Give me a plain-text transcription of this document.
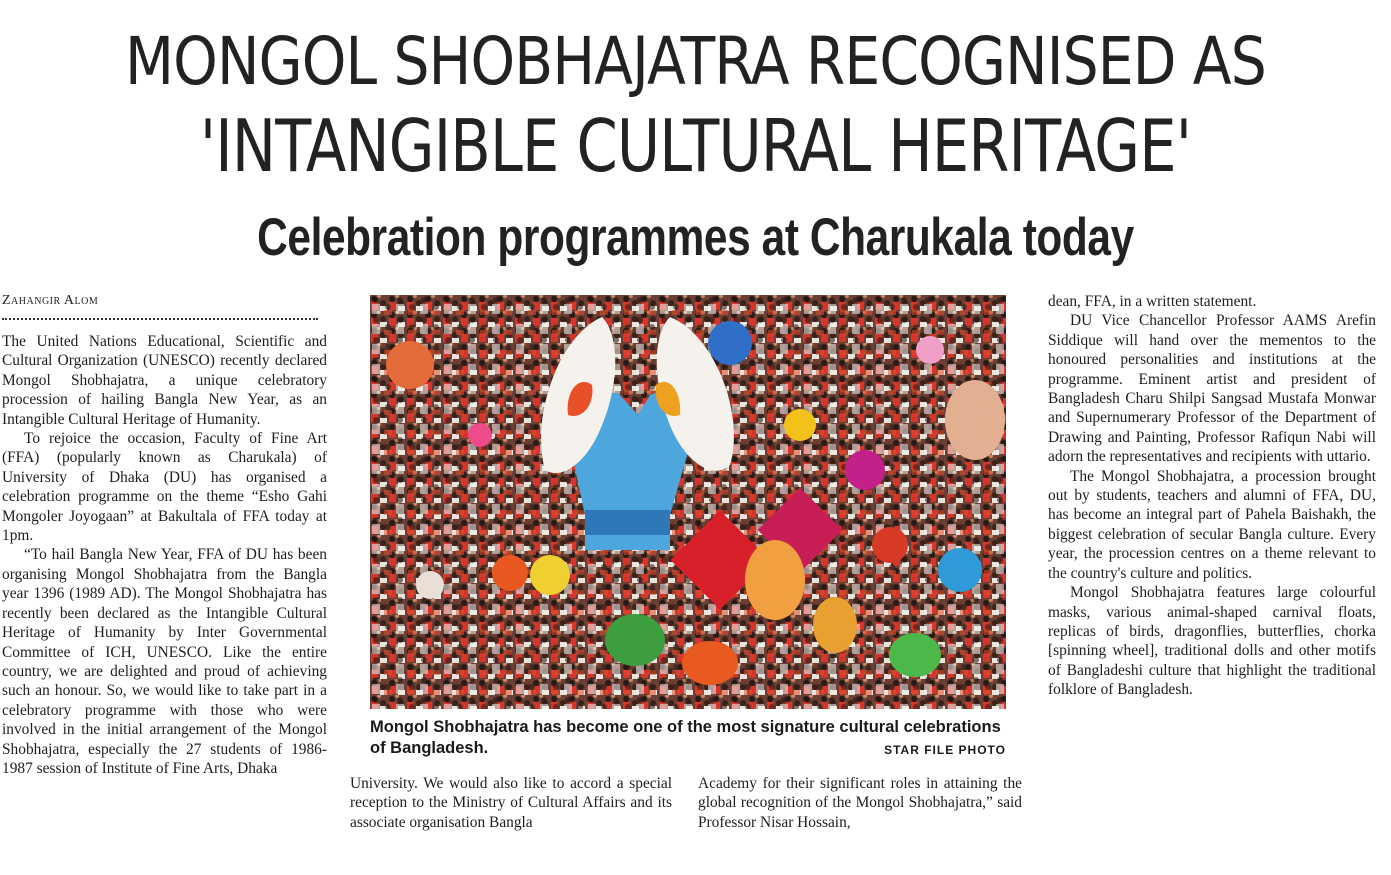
MONGOL SHOBHAJATRA RECOGNISED AS
'INTANGIBLE CULTURAL HERITAGE'
Celebration programmes at Charukala today
Zahangir Alom

The United Nations Educational, Scientific and Cultural Organization (UNESCO) recently declared Mongol Shobhajatra, a unique celebratory procession of hailing Bangla New Year, as an Intangible Cultural Heritage of Humanity.

To rejoice the occasion, Faculty of Fine Art (FFA) (popularly known as Charukala) of University of Dhaka (DU) has organised a celebration programme on the theme “Esho Gahi Mongoler Joyogaan” at Bakultala of FFA today at 1pm.

“To hail Bangla New Year, FFA of DU has been organising Mongol Shobhajatra from the Bangla year 1396 (1989 AD). The Mongol Shobhajatra has recently been declared as the Intangible Cultural Heritage of Humanity by Inter Governmental Committee of ICH, UNESCO. Like the entire country, we are delighted and proud of achieving such an honour. So, we would like to take part in a celebratory programme with those who were involved in the initial arrangement of the Mongol Shobhajatra, especially the 27 students of 1986-1987 session of Institute of Fine Arts, Dhaka

Mongol Shobhajatra has become one of the most signature cultural celebrations of Bangladesh.	STAR FILE PHOTO

University. We would also like to accord a special reception to the Ministry of Cultural Affairs and its associate organisation Bangla

Academy for their significant roles in attaining the global recognition of the Mongol Shobhajatra,” said Professor Nisar Hossain,

dean, FFA, in a written statement.

DU Vice Chancellor Professor AAMS Arefin Siddique will hand over the mementos to the honoured personalities and institutions at the programme. Eminent artist and president of Bangladesh Charu Shilpi Sangsad Mustafa Monwar and Supernumerary Professor of the Department of Drawing and Painting, Professor Rafiqun Nabi will adorn the representatives and recipients with uttario.

The Mongol Shobhajatra, a procession brought out by students, teachers and alumni of FFA, DU, has become an integral part of Pahela Baishakh, the biggest celebration of secular Bangla culture. Every year, the procession centres on a theme relevant to the country's culture and politics.

Mongol Shobhajatra features large colourful masks, various animal-shaped carnival floats, replicas of birds, dragonflies, butterflies, chorka [spinning wheel], traditional dolls and other motifs of Bangladeshi culture that highlight the traditional folklore of Bangladesh.
